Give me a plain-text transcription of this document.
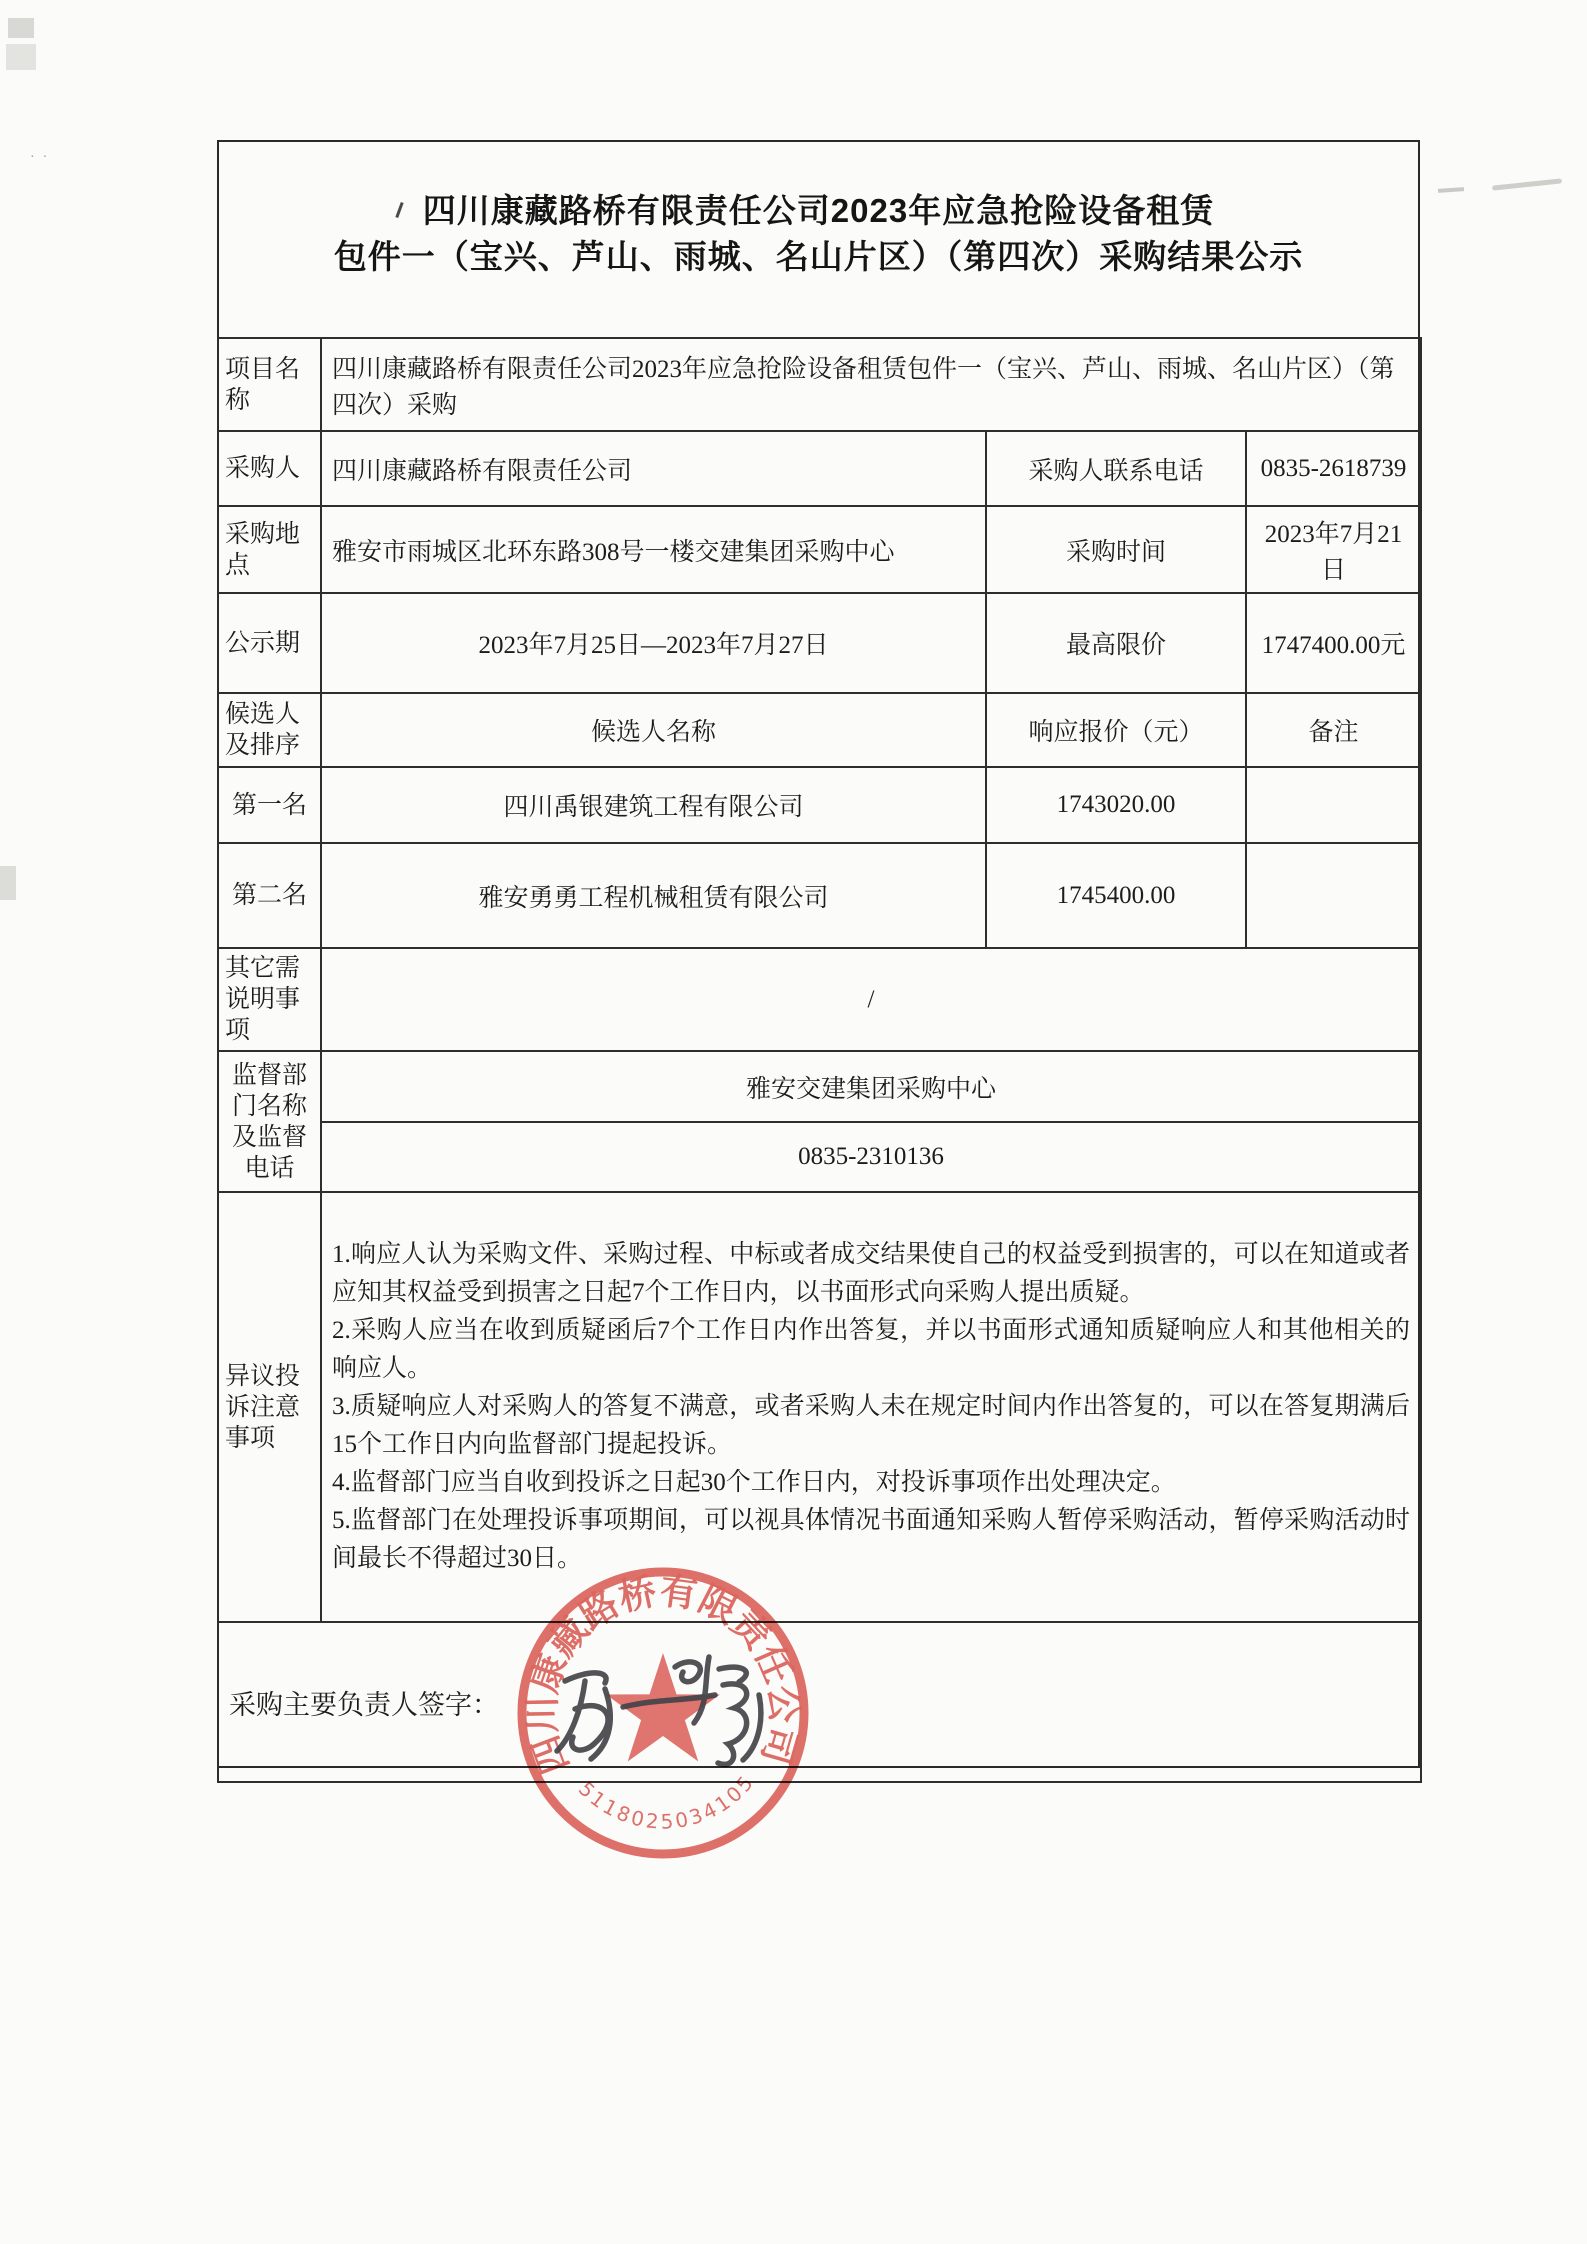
··
四川康藏路桥有限责任公司2023年应急抢险设备租赁
包件一（宝兴、芦山、雨城、名山片区）（第四次）采购结果公示
项目名称	四川康藏路桥有限责任公司2023年应急抢险设备租赁包件一（宝兴、芦山、雨城、名山片区）（第四次）采购		
采购人	四川康藏路桥有限责任公司	采购人联系电话	0835-2618739
采购地点	雅安市雨城区北环东路308号一楼交建集团采购中心	采购时间	2023年7月21日
公示期	2023年7月25日—2023年7月27日	最高限价	1747400.00元
候选人及排序	候选人名称	响应报价（元）	备注
第一名	四川禹银建筑工程有限公司	1743020.00	
第二名	雅安勇勇工程机械租赁有限公司	1745400.00	
其它需说明事项	/		
监督部门名称及监督电话	雅安交建集团采购中心		
	0835-2310136		
异议投诉注意事项	1.响应人认为采购文件、采购过程、中标或者成交结果使自己的权益受到损害的，可以在知道或者应知其权益受到损害之日起7个工作日内，以书面形式向采购人提出质疑。
2.采购人应当在收到质疑函后7个工作日内作出答复，并以书面形式通知质疑响应人和其他相关的响应人。
3.质疑响应人对采购人的答复不满意，或者采购人未在规定时间内作出答复的，可以在答复期满后15个工作日内向监督部门提起投诉。
4.监督部门应当自收到投诉之日起30个工作日内，对投诉事项作出处理决定。
5.监督部门在处理投诉事项期间，可以视具体情况书面通知采购人暂停采购活动，暂停采购活动时间最长不得超过30日。		

采购主要负责人签字：			
四川康藏路桥有限责任公司
5118025034105
